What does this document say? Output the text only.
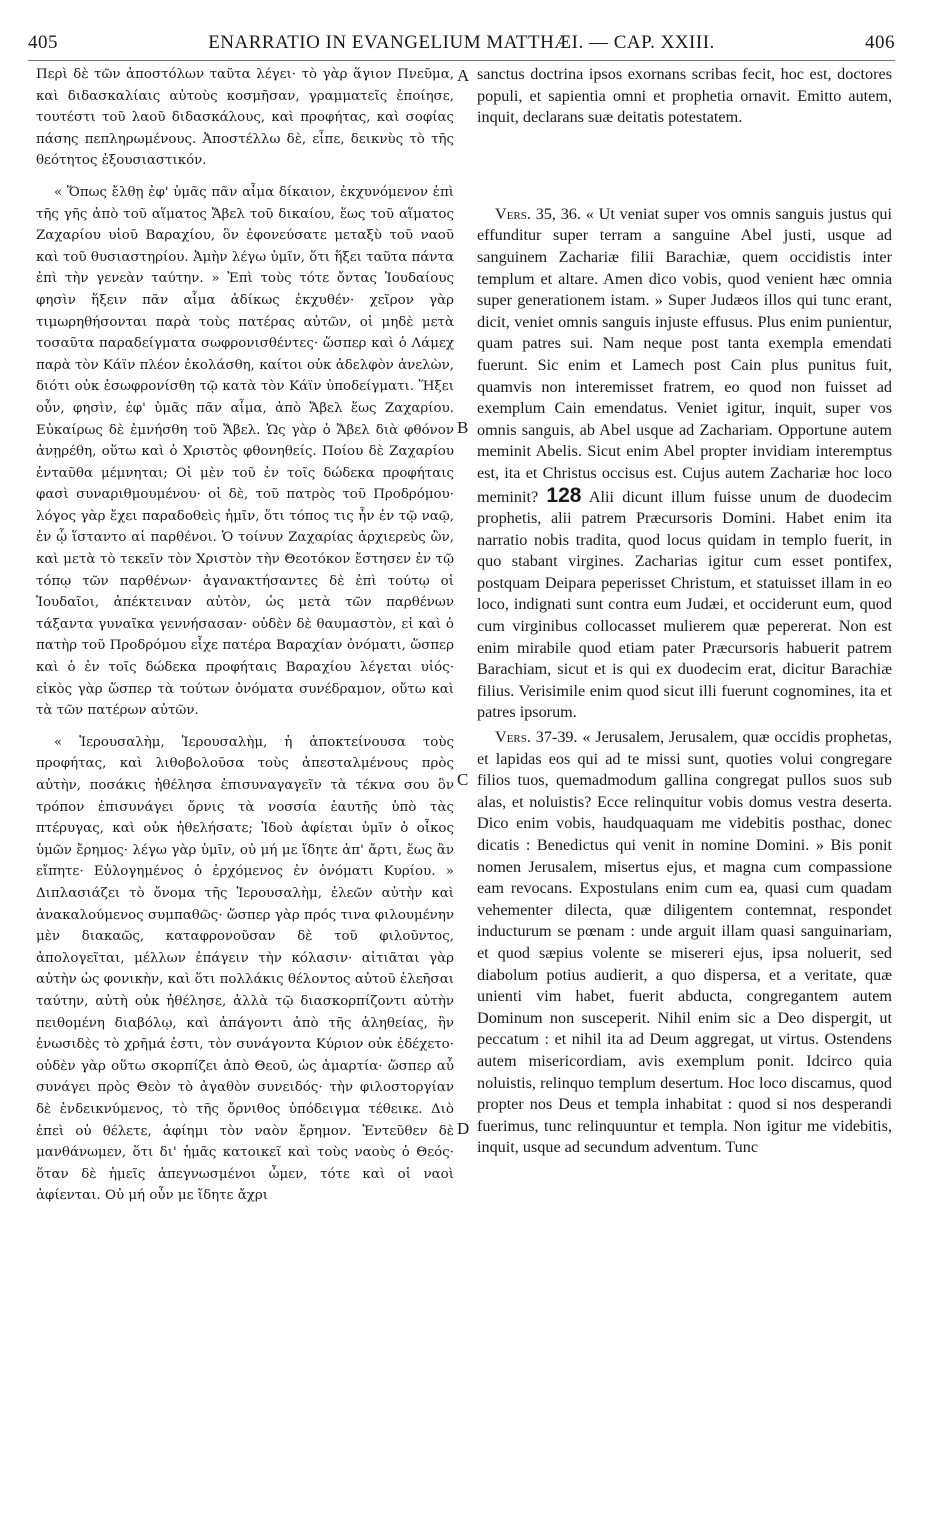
405	ENARRATIO IN EVANGELIUM MATTHÆI. — CAP. XXIII.	406

Περὶ δὲ τῶν ἀποστόλων ταῦτα λέγει· τὸ γὰρ ἅγιον Πνεῦμα, καὶ διδασκαλίαις αὐτοὺς κοσμῆσαν, γραμματεῖς ἐποίησε, τουτέστι τοῦ λαοῦ διδασκάλους, καὶ προφήτας, καὶ σοφίας πάσης πεπληρωμένους. Ἀποστέλλω δὲ, εἶπε, δεικνὺς τὸ τῆς θεότητος ἐξουσιαστικόν.

« Ὅπως ἔλθῃ ἐφ' ὑμᾶς πᾶν αἷμα δίκαιον, ἐκχυνόμενον ἐπὶ τῆς γῆς ἀπὸ τοῦ αἵματος Ἄβελ τοῦ δικαίου, ἕως τοῦ αἵματος Ζαχαρίου υἱοῦ Βαραχίου, ὃν ἐφονεύσατε μεταξὺ τοῦ ναοῦ καὶ τοῦ θυσιαστηρίου. Ἀμὴν λέγω ὑμῖν, ὅτι ἥξει ταῦτα πάντα ἐπὶ τὴν γενεὰν ταύτην. » Ἐπὶ τοὺς τότε ὄντας Ἰουδαίους φησὶν ἥξειν πᾶν αἷμα ἀδίκως ἐκχυθέν· χεῖρον γὰρ τιμωρηθήσονται παρὰ τοὺς πατέρας αὐτῶν, οἱ μηδὲ μετὰ τοσαῦτα παραδείγματα σωφρονισθέντες· ὥσπερ καὶ ὁ Λάμεχ παρὰ τὸν Κάϊν πλέον ἐκολάσθη, καίτοι οὐκ ἀδελφὸν ἀνελὼν, διότι οὐκ ἐσωφρονίσθη τῷ κατὰ τὸν Κάϊν ὑποδείγματι. Ἥξει οὖν, φησὶν, ἐφ' ὑμᾶς πᾶν αἷμα, ἀπὸ Ἄβελ ἕως Ζαχαρίου. Εὐκαίρως δὲ ἐμνήσθη τοῦ Ἄβελ. Ὡς γὰρ ὁ Ἄβελ διὰ φθόνον ἀνῃρέθη, οὕτω καὶ ὁ Χριστὸς φθονηθείς. Ποίου δὲ Ζαχαρίου ἐνταῦθα μέμνηται; Οἱ μὲν τοῦ ἐν τοῖς δώδεκα προφήταις φασὶ συναριθμουμένου· οἱ δὲ, τοῦ πατρὸς τοῦ Προδρόμου· λόγος γὰρ ἔχει παραδοθεὶς ἡμῖν, ὅτι τόπος τις ἦν ἐν τῷ ναῷ, ἐν ᾧ ἵσταντο αἱ παρθένοι. Ὁ τοίνυν Ζαχαρίας ἀρχιερεὺς ὢν, καὶ μετὰ τὸ τεκεῖν τὸν Χριστὸν τὴν Θεοτόκον ἔστησεν ἐν τῷ τόπῳ τῶν παρθένων· ἀγανακτήσαντες δὲ ἐπὶ τούτῳ οἱ Ἰουδαῖοι, ἀπέκτειναν αὐτὸν, ὡς μετὰ τῶν παρθένων τάξαντα γυναῖκα γεννήσασαν· οὐδὲν δὲ θαυμαστὸν, εἰ καὶ ὁ πατὴρ τοῦ Προδρόμου εἶχε πατέρα Βαραχίαν ὀνόματι, ὥσπερ καὶ ὁ ἐν τοῖς δώδεκα προφήταις Βαραχίου λέγεται υἱός· εἰκὸς γὰρ ὥσπερ τὰ τούτων ὀνόματα συνέδραμον, οὕτω καὶ τὰ τῶν πατέρων αὐτῶν.

« Ἱερουσαλὴμ, Ἱερουσαλὴμ, ἡ ἀποκτείνουσα τοὺς προφήτας, καὶ λιθοβολοῦσα τοὺς ἀπεσταλμένους πρὸς αὐτὴν, ποσάκις ἠθέλησα ἐπισυναγαγεῖν τὰ τέκνα σου ὃν τρόπον ἐπισυνάγει ὄρνις τὰ νοσσία ἑαυτῆς ὑπὸ τὰς πτέρυγας, καὶ οὐκ ἠθελήσατε; Ἰδοὺ ἀφίεται ὑμῖν ὁ οἶκος ὑμῶν ἔρημος· λέγω γὰρ ὑμῖν, οὐ μή με ἴδητε ἀπ' ἄρτι, ἕως ἂν εἴπητε· Εὐλογημένος ὁ ἐρχόμενος ἐν ὀνόματι Κυρίου. » Διπλασιάζει τὸ ὄνομα τῆς Ἱερουσαλὴμ, ἐλεῶν αὐτὴν καὶ ἀνακαλούμενος συμπαθῶς· ὥσπερ γὰρ πρός τινα φιλουμένην μὲν διακαῶς, καταφρονοῦσαν δὲ τοῦ φιλοῦντος, ἀπολογεῖται, μέλλων ἐπάγειν τὴν κόλασιν· αἰτιᾶται γὰρ αὐτὴν ὡς φονικὴν, καὶ ὅτι πολλάκις θέλοντος αὐτοῦ ἐλεῆσαι ταύτην, αὐτὴ οὐκ ἠθέλησε, ἀλλὰ τῷ διασκορπίζοντι αὐτὴν πειθομένη διαβόλῳ, καὶ ἀπάγοντι ἀπὸ τῆς ἀληθείας, ἣν ἐνωσιδὲς τὸ χρῆμά ἐστι, τὸν συνάγοντα Κύριον οὐκ ἐδέχετο· οὐδὲν γὰρ οὕτω σκορπίζει ἀπὸ Θεοῦ, ὡς ἁμαρτία· ὥσπερ αὖ συνάγει πρὸς Θεὸν τὸ ἀγαθὸν συνειδός· τὴν φιλοστοργίαν δὲ ἐνδεικνύμενος, τὸ τῆς ὄρνιθος ὑπόδειγμα τέθεικε. Διὸ ἐπεὶ οὐ θέλετε, ἀφίημι τὸν ναὸν ἔρημον. Ἐντεῦθεν δὲ μανθάνωμεν, ὅτι δι' ἡμᾶς κατοικεῖ καὶ τοὺς ναοὺς ὁ Θεός· ὅταν δὲ ἡμεῖς ἀπεγνωσμένοι ὦμεν, τότε καὶ οἱ ναοὶ ἀφίενται. Οὐ μή οὖν με ἴδητε ἄχρι

sanctus doctrina ipsos exornans scribas fecit, hoc est, doctores populi, et sapientia omni et prophetia ornavit. Emitto autem, inquit, declarans suæ deitatis potestatem.

Vers. 35, 36. « Ut veniat super vos omnis sanguis justus qui effunditur super terram a sanguine Abel justi, usque ad sanguinem Zachariæ filii Barachiæ, quem occidistis inter templum et altare. Amen dico vobis, quod venient hæc omnia super generationem istam. » Super Judæos illos qui tunc erant, dicit, veniet omnis sanguis injuste effusus. Plus enim punientur, quam patres sui. Nam neque post tanta exempla emendati fuerunt. Sic enim et Lamech post Cain plus punitus fuit, quamvis non interemisset fratrem, eo quod non fuisset ad exemplum Cain emendatus. Veniet igitur, inquit, super vos omnis sanguis, ab Abel usque ad Zachariam. Opportune autem meminit Abelis. Sicut enim Abel propter invidiam interemptus est, ita et Christus occisus est. Cujus autem Zachariæ hoc loco meminit? 128 Alii dicunt illum fuisse unum de duodecim prophetis, alii patrem Præcursoris Domini. Habet enim ita narratio nobis tradita, quod locus quidam in templo fuerit, in quo stabant virgines. Zacharias igitur cum esset pontifex, postquam Deipara peperisset Christum, et statuisset illam in eo loco, indignati sunt contra eum Judæi, et occiderunt eum, quod cum virginibus collocasset mulierem quæ pepererat. Non est enim mirabile quod etiam pater Præcursoris habuerit patrem Barachiam, sicut et is qui ex duodecim erat, dicitur Barachiæ filius. Verisimile enim quod sicut illi fuerunt cognomines, ita et patres ipsorum.

Vers. 37-39. « Jerusalem, Jerusalem, quæ occidis prophetas, et lapidas eos qui ad te missi sunt, quoties volui congregare filios tuos, quemadmodum gallina congregat pullos suos sub alas, et noluistis? Ecce relinquitur vobis domus vestra deserta. Dico enim vobis, haudquaquam me videbitis posthac, donec dicatis : Benedictus qui venit in nomine Domini. » Bis ponit nomen Jerusalem, misertus ejus, et magna cum compassione eam revocans. Expostulans enim cum ea, quasi cum quadam vehementer dilecta, quæ diligentem contemnat, respondet inducturum se pœnam : unde arguit illam quasi sanguinariam, et quod sæpius volente se misereri ejus, ipsa noluerit, sed diabolum potius audierit, a quo dispersa, et a veritate, quæ unienti vim habet, fuerit abducta, congregantem autem Dominum non susceperit. Nihil enim sic a Deo dispergit, ut peccatum : et nihil ita ad Deum aggregat, ut virtus. Ostendens autem misericordiam, avis exemplum ponit. Idcirco quia noluistis, relinquo templum desertum. Hoc loco discamus, quod propter nos Deus et templa inhabitat : quod si nos desperandi fuerimus, tunc relinquuntur et templa. Non igitur me videbitis, inquit, usque ad secundum adventum. Tunc

A
B
C
D
